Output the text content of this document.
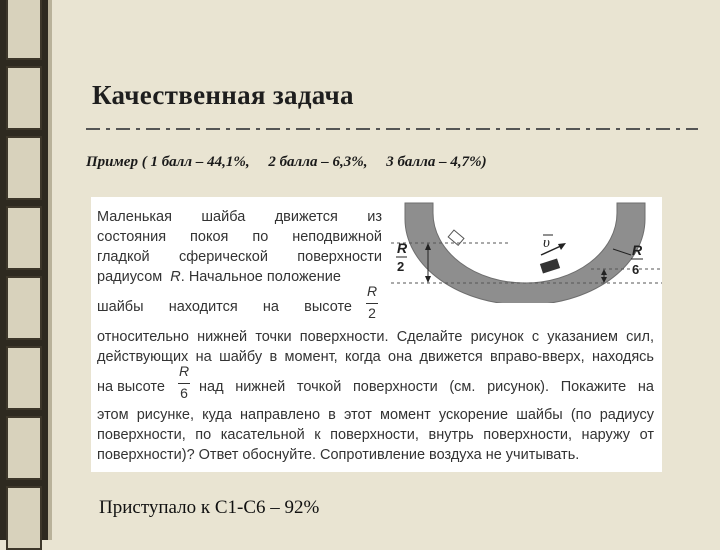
Качественная задача
Пример ( 1 балл – 44,1%,     2 балла – 6,3%,     3 балла – 4,7%)
Маленькая шайба движется из
состояния покоя по неподвижной
гладкой сферической поверхности
радиусом R. Начальное положение
шайбы находится на высоте
R
2
относительно нижней точки поверхности. Сделайте рисунок с указанием сил,
действующих на шайбу в момент, когда она движется вправо-вверх, находясь
на высоте
R
6 над нижней точкой поверхности (см. рисунок). Покажите на
этом рисунке, куда направлено в этот момент ускорение шайбы (по радиусу
поверхности, по касательной к поверхности, внутрь поверхности, наружу от
поверхности)? Ответ обоснуйте. Сопротивление воздуха не учитывать.
R
2
R
6
υ
Приступало к С1-С6 – 92%
